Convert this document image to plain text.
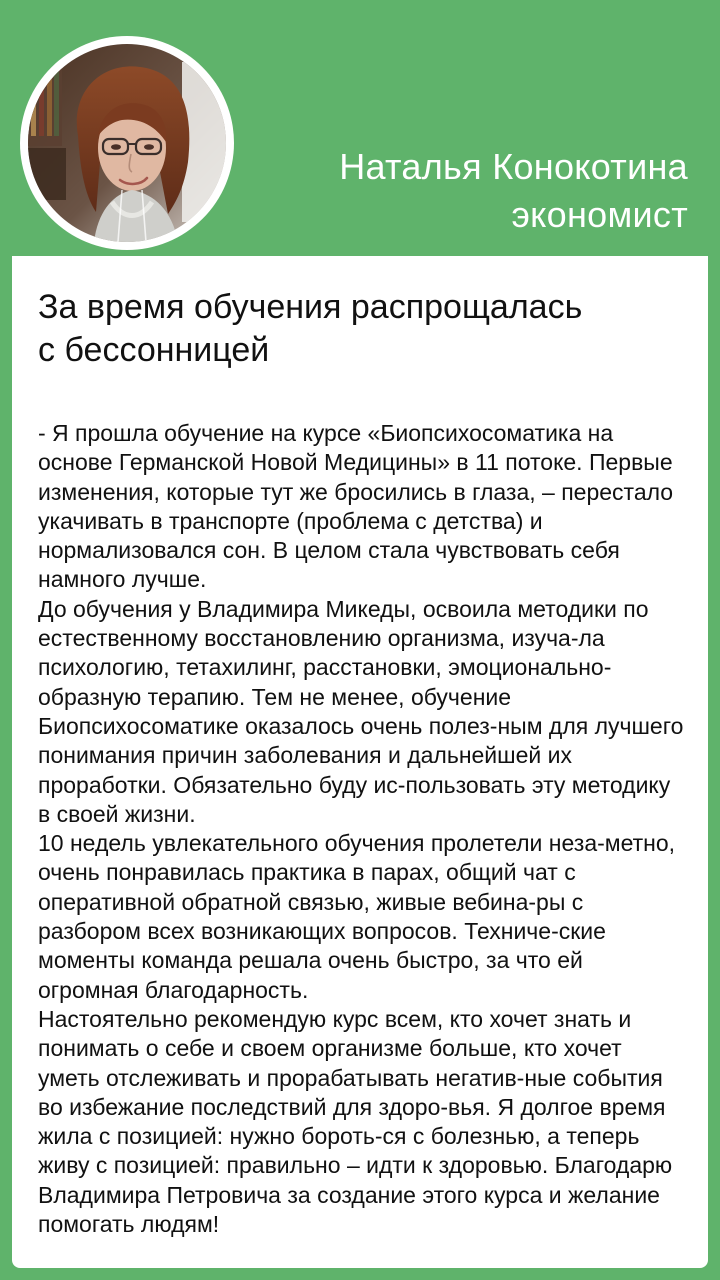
Наталья Конокотина
экономист
За время обучения распрощалась
с бессонницей

- Я прошла обучение на курсе «Биопсихосоматика на основе Германской Новой Медицины» в 11 потоке. Первые изменения, которые тут же бросились в глаза, – перестало укачивать в транспорте (проблема с детства) и нормализовался сон. В целом стала чувствовать себя намного лучше.

До обучения у Владимира Микеды, освоила методики по естественному восстановлению организма, изуча-ла психологию, тетахилинг, расстановки, эмоционально-образную терапию. Тем не менее, обучение Биопсихосоматике оказалось очень полез-ным для лучшего понимания причин заболевания и дальнейшей их проработки. Обязательно буду ис-пользовать эту методику в своей жизни.

10 недель увлекательного обучения пролетели неза-метно, очень понравилась практика в парах, общий чат с оперативной обратной связью, живые вебина-ры с разбором всех возникающих вопросов. Техниче-ские моменты команда решала очень быстро, за что ей огромная благодарность.

Настоятельно рекомендую курс всем, кто хочет знать и понимать о себе и своем организме больше, кто хочет уметь отслеживать и прорабатывать негатив-ные события во избежание последствий для здоро-вья. Я долгое время жила с позицией: нужно бороть-ся с болезнью, а теперь живу с позицией: правильно – идти к здоровью. Благодарю Владимира Петровича за создание этого курса и желание помогать людям!
